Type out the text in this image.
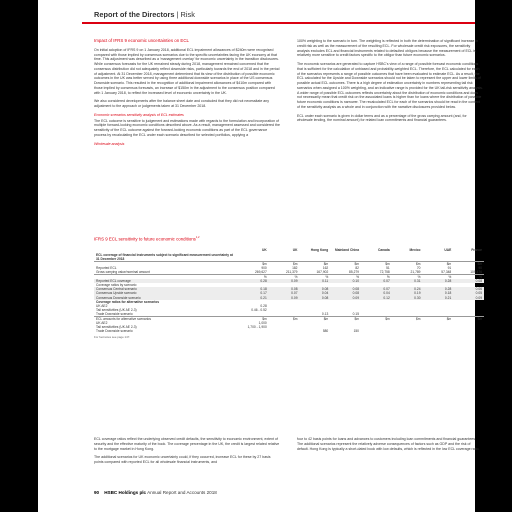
Report of the Directors | Risk

Impact of IFRS 9 economic uncertainties on ECL

On initial adoption of IFRS 9 on 1 January 2018, additional ECL impairment allowances of $240m were recognised compared with those implied by consensus scenarios due to the specific uncertainties facing the UK economy at that time. This adjustment was described as a 'management overlay' for economic uncertainty in the transition disclosures. While consensus forecasts for the UK remained steady during 2018, management remained concerned that the consensus distribution did not adequately reflect downside risks, particularly towards the end of 2018 and in the period of adjustment. At 31 December 2018, management determined that its view of the distribution of possible economic outcomes in the UK was better served by using three additional downside scenarios in place of the US consensus Downside scenario. This resulted in the recognition of additional impairment allowances of $410m compared with those implied by consensus forecasts, an increase of $150m in the adjustment to the consensus position compared with 1 January 2018, to reflect the increased level of economic uncertainty in the UK.

We also considered developments after the balance sheet date and concluded that they did not necessitate any adjustment to the approach or judgements taken at 31 December 2018.

Economic scenarios sensitivity analysis of ECL estimates

The ECL outcome is sensitive to judgement and estimations made with regards to the formulation and incorporation of multiple forward-looking economic conditions described above. As a result, management assessed and considered the sensitivity of the ECL outcome against the forward-looking economic conditions as part of the ECL governance process by recalculating the ECL under each scenario described for selected portfolios, applying a

Wholesale analysis

100% weighting to the scenario in turn. The weighting is reflected in both the determination of significant increase in credit risk as well as the measurement of the resulting ECL. For wholesale credit risk exposures, the sensitivity analysis excludes ECL and financial instruments related to defaulted obligors because the measurement of ECL is relatively more sensitive to credit factors specific to the obligor than future economic scenarios.

The economic scenarios are generated to capture HSBC's view of a range of possible forecast economic conditions that is sufficient for the calculation of unbiased and probability-weighted ECL. Therefore, the ECL calculated for each of the scenarios represents a range of possible outcomes that have been evaluated to estimate ECL. As a result, the ECL calculated for the Upside and Downside scenarios should not be taken to represent the upper and lower limits of possible actual ECL outcomes. There is a high degree of estimation uncertainty in numbers representing tail risk scenarios when assigned a 100% weighting, and an indicative range is provided for the UK tail-risk sensitivity analysis. A wider range of possible ECL outcomes reflects uncertainty about the distribution of economic conditions and does not necessarily mean that credit risk on the associated loans is higher than for loans where the distribution of possible future economic conditions is narrower. The recalculated ECL for each of the scenarios should be read in the context of the sensitivity analysis as a whole and in conjunction with the narrative disclosures provided below.

ECL under each scenario is given in dollar terms and as a percentage of the gross carrying amount (and, for wholesale lending, the nominal amount) for related loan commitments and financial guarantees.

IFRS 9 ECL sensitivity to future economic conditions$^{1,2}$
	UK	UK	Hong Kong	Mainland China	Canada	Mexico	UAE	France
ECL coverage of financial instruments subject to significant measurement uncertainty at 31 December 2018								
	$m	$m	$m	$m	$m	$m	$m	$m
Reported ECL	900	182	162	82	51	70	91	90
Gross carrying value/nominal amount	269,627	211,379	167,902	85,279	72,758	21,789	57,348	109,476
	%	%	%	%	%	%	%	%
Reported ECL coverage	0.28	0.09	0.11	0.10	0.07	0.31	0.28	0.08
Coverage ratios by scenario								
Consensus Central scenario	0.18	0.08	0.08	0.08	0.07	0.24	0.28	0.06
Consensus Upside scenario	0.17	0.07	0.04	0.08	0.04	0.19	0.18	0.05
Consensus Downside scenario	0.21	0.09	0.08	0.09	0.12	0.30	0.21	0.09
Coverage ratios for alternative scenarios								
UK AE2	0.28							
Tail sensitivities (UK AE 2-3)	0.46 - 0.52							
Trade Downside scenario			0.13	0.15				
ECL amounts for alternative scenarios	$m	$m	$m	$m	$m	$m	$m	$m
UK AE2	1,000							
Tail sensitivities (UK AE 2-3)	1,700 - 1,900							
Trade Downside scenario			580	150				
For footnotes see page 147.

ECL coverage ratios reflect the underlying observed credit defaults, the sensitivity to economic environment, extent of security and the effective maturity of the book. The coverage percentage in the UK, the credit is largest related relative to the mortgage market in Hong Kong.

The additional scenarios for UK economic uncertainty could, if they occurred, increase ECL for these by 27 basis points compared with reported ECL for all wholesale financial instruments, and

four to 42 basis points for loans and advances to customers including loan commitments and financial guarantees. The additional scenarios represent the relatively adverse consequences of factors such as GDP and the risk of default. Hong Kong is typically a short-dated book with low defaults, which is reflected in the low ECL coverage ratio.

90 HSBC Holdings plc Annual Report and Accounts 2018
